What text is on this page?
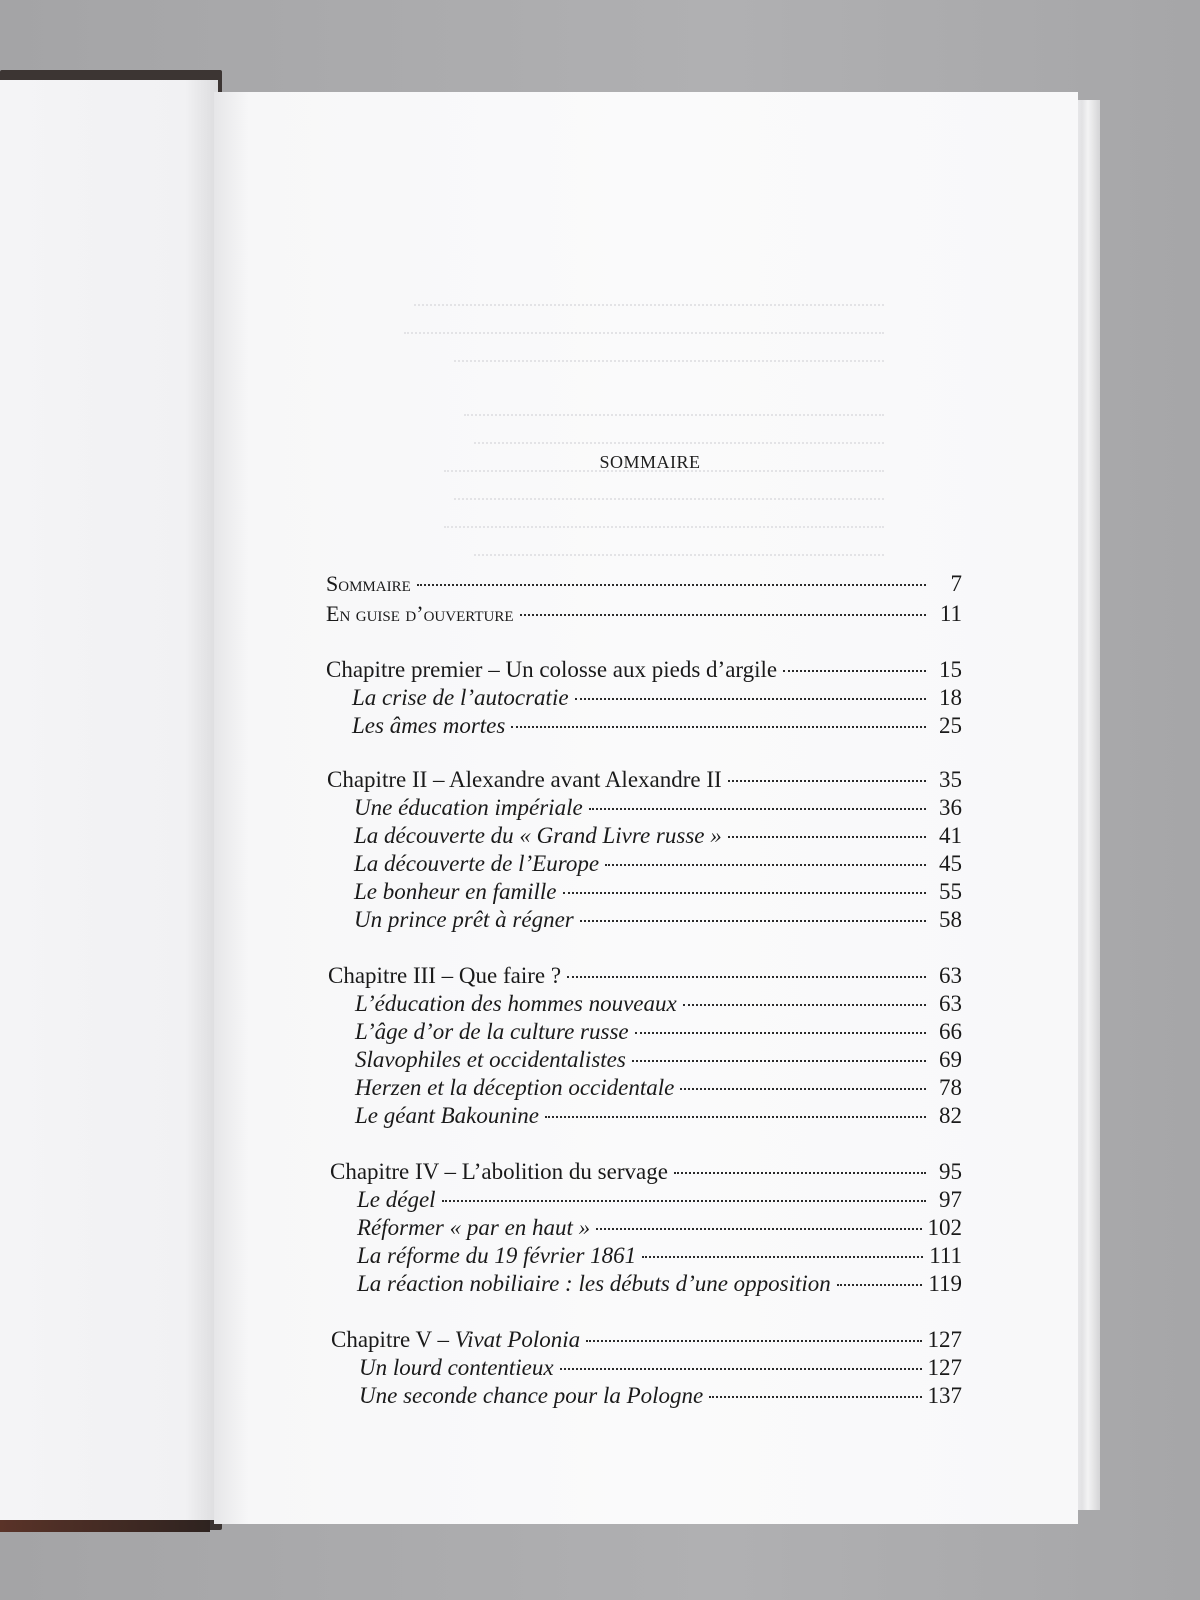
SOMMAIRE
Sommaire	7
En guise d’ouverture	11
Chapitre premier – Un colosse aux pieds d’argile	15
La crise de l’autocratie	18
Les âmes mortes	25
Chapitre II – Alexandre avant Alexandre II	35
Une éducation impériale	36
La découverte du « Grand Livre russe »	41
La découverte de l’Europe	45
Le bonheur en famille	55
Un prince prêt à régner	58
Chapitre III – Que faire ?	63
L’éducation des hommes nouveaux	63
L’âge d’or de la culture russe	66
Slavophiles et occidentalistes	69
Herzen et la déception occidentale	78
Le géant Bakounine	82
Chapitre IV – L’abolition du servage	95
Le dégel	97
Réformer « par en haut »	102
La réforme du 19 février 1861	111
La réaction nobiliaire : les débuts d’une opposition	119
Chapitre V – Vivat Polonia	127
Un lourd contentieux	127
Une seconde chance pour la Pologne	137
